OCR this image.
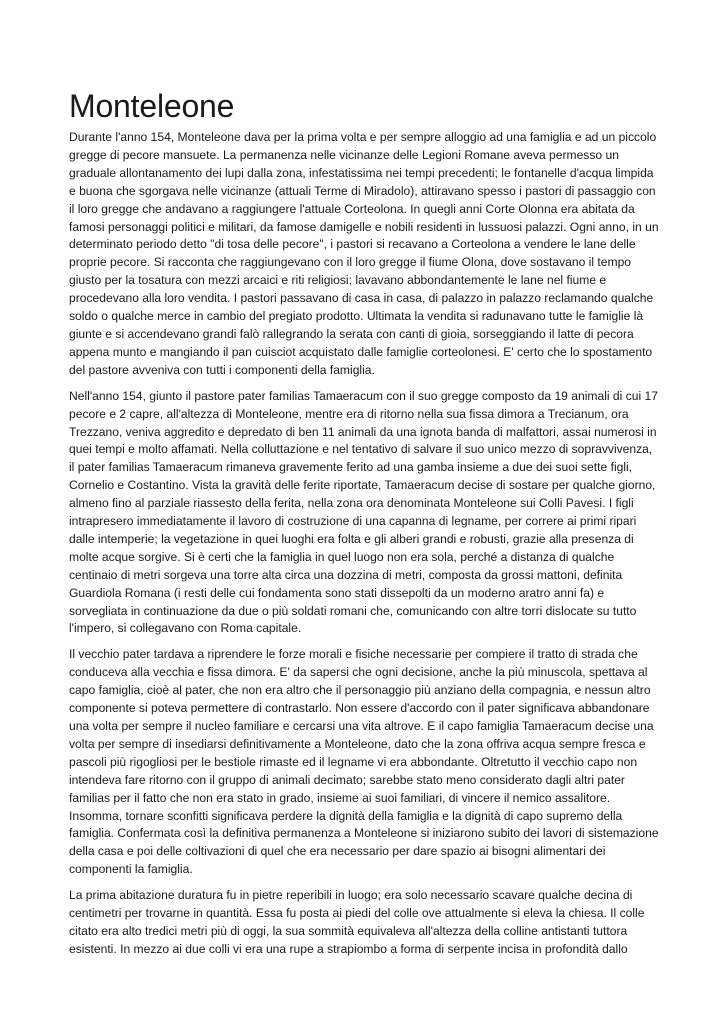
Monteleone

Durante l'anno 154, Monteleone dava per la prima volta e per sempre alloggio ad una famiglia e ad un piccolo gregge di pecore mansuete. La permanenza nelle vicinanze delle Legioni Romane aveva permesso un graduale allontanamento dei lupi dalla zona, infestatissima nei tempi precedenti; le fontanelle d'acqua limpida e buona che sgorgava nelle vicinanze (attuali Terme di Miradolo), attiravano spesso i pastori di passaggio con il loro gregge che andavano a raggiungere l'attuale Corteolona. In quegli anni Corte Olonna era abitata da famosi personaggi politici e militari, da famose damigelle e nobili residenti in lussuosi palazzi. Ogni anno, in un determinato periodo detto "di tosa delle pecore", i pastori si recavano a Corteolona a vendere le lane delle proprie pecore. Si racconta che raggiungevano con il loro gregge il fiume Olona, dove sostavano il tempo giusto per la tosatura con mezzi arcaici e riti religiosi; lavavano abbondantemente le lane nel fiume e procedevano alla loro vendita. I pastori passavano di casa in casa, di palazzo in palazzo reclamando qualche soldo o qualche merce in cambio del pregiato prodotto. Ultimata la vendita si radunavano tutte le famiglie là giunte e si accendevano grandi falò rallegrando la serata con canti di gioia, sorseggiando il latte di pecora appena munto e mangiando il pan cuisciot acquistato dalle famiglie corteolonesi. E' certo che lo spostamento del pastore avveniva con tutti i componenti della famiglia.

Nell'anno 154, giunto il pastore pater familias Tamaeracum con il suo gregge composto da 19 animali di cui 17 pecore e 2 capre, all'altezza di Monteleone, mentre era di ritorno nella sua fissa dimora a Trecianum, ora Trezzano, veniva aggredito e depredato di ben 11 animali da una ignota banda di malfattori, assai numerosi in quei tempi e molto affamati. Nella colluttazione e nel tentativo di salvare il suo unico mezzo di sopravvivenza, il pater familias Tamaeracum rimaneva gravemente ferito ad una gamba insieme a due dei suoi sette figli, Cornelio e Costantino. Vista la gravità delle ferite riportate, Tamaeracum decise di sostare per qualche giorno, almeno fino al parziale riassesto della ferita, nella zona ora denominata Monteleone sui Colli Pavesi. I figli intrapresero immediatamente il lavoro di costruzione di una capanna di legname, per correre ai primi ripari dalle intemperie; la vegetazione in quei luoghi era folta e gli alberi grandi e robusti, grazie alla presenza di molte acque sorgive. Si è certi che la famiglia in quel luogo non era sola, perché a distanza di qualche centinaio di metri sorgeva una torre alta circa una dozzina di metri, composta da grossi mattoni, definita Guardiola Romana (i resti delle cui fondamenta sono stati dissepolti da un moderno aratro anni fa) e sorvegliata in continuazione da due o più soldati romani che, comunicando con altre torri dislocate su tutto l'impero, si collegavano con Roma capitale.

Il vecchio pater tardava a riprendere le forze morali e fisiche necessarie per compiere il tratto di strada che conduceva alla vecchia e fissa dimora. E' da sapersi che ogni decisione, anche la più minuscola, spettava al capo famiglia, cioè al pater, che non era altro che il personaggio più anziano della compagnia, e nessun altro componente si poteva permettere di contrastarlo. Non essere d'accordo con il pater significava abbandonare una volta per sempre il nucleo familiare e cercarsi una vita altrove. E il capo famiglia Tamaeracum decise una volta per sempre di insediarsi definitivamente a Monteleone, dato che la zona offriva acqua sempre fresca e pascoli più rigogliosi per le bestiole rimaste ed il legname vi era abbondante. Oltretutto il vecchio capo non intendeva fare ritorno con il gruppo di animali decimato; sarebbe stato meno considerato dagli altri pater familias per il fatto che non era stato in grado, insieme ai suoi familiari, di vincere il nemico assalitore. Insomma, tornare sconfitti significava perdere la dignità della famiglia e la dignità di capo supremo della famiglia. Confermata così la definitiva permanenza a Monteleone si iniziarono subito dei lavori di sistemazione della casa e poi delle coltivazioni di quel che era necessario per dare spazio ai bisogni alimentari dei componenti la famiglia.

La prima abitazione duratura fu in pietre reperibili in luogo; era solo necessario scavare qualche decina di centimetri per trovarne in quantità. Essa fu posta ai piedi del colle ove attualmente si eleva la chiesa. Il colle citato era alto tredici metri più di oggi, la sua sommità equivaleva all'altezza della colline antistanti tuttora esistenti. In mezzo ai due colli vi era una rupe a strapiombo a forma di serpente incisa in profondità dallo
